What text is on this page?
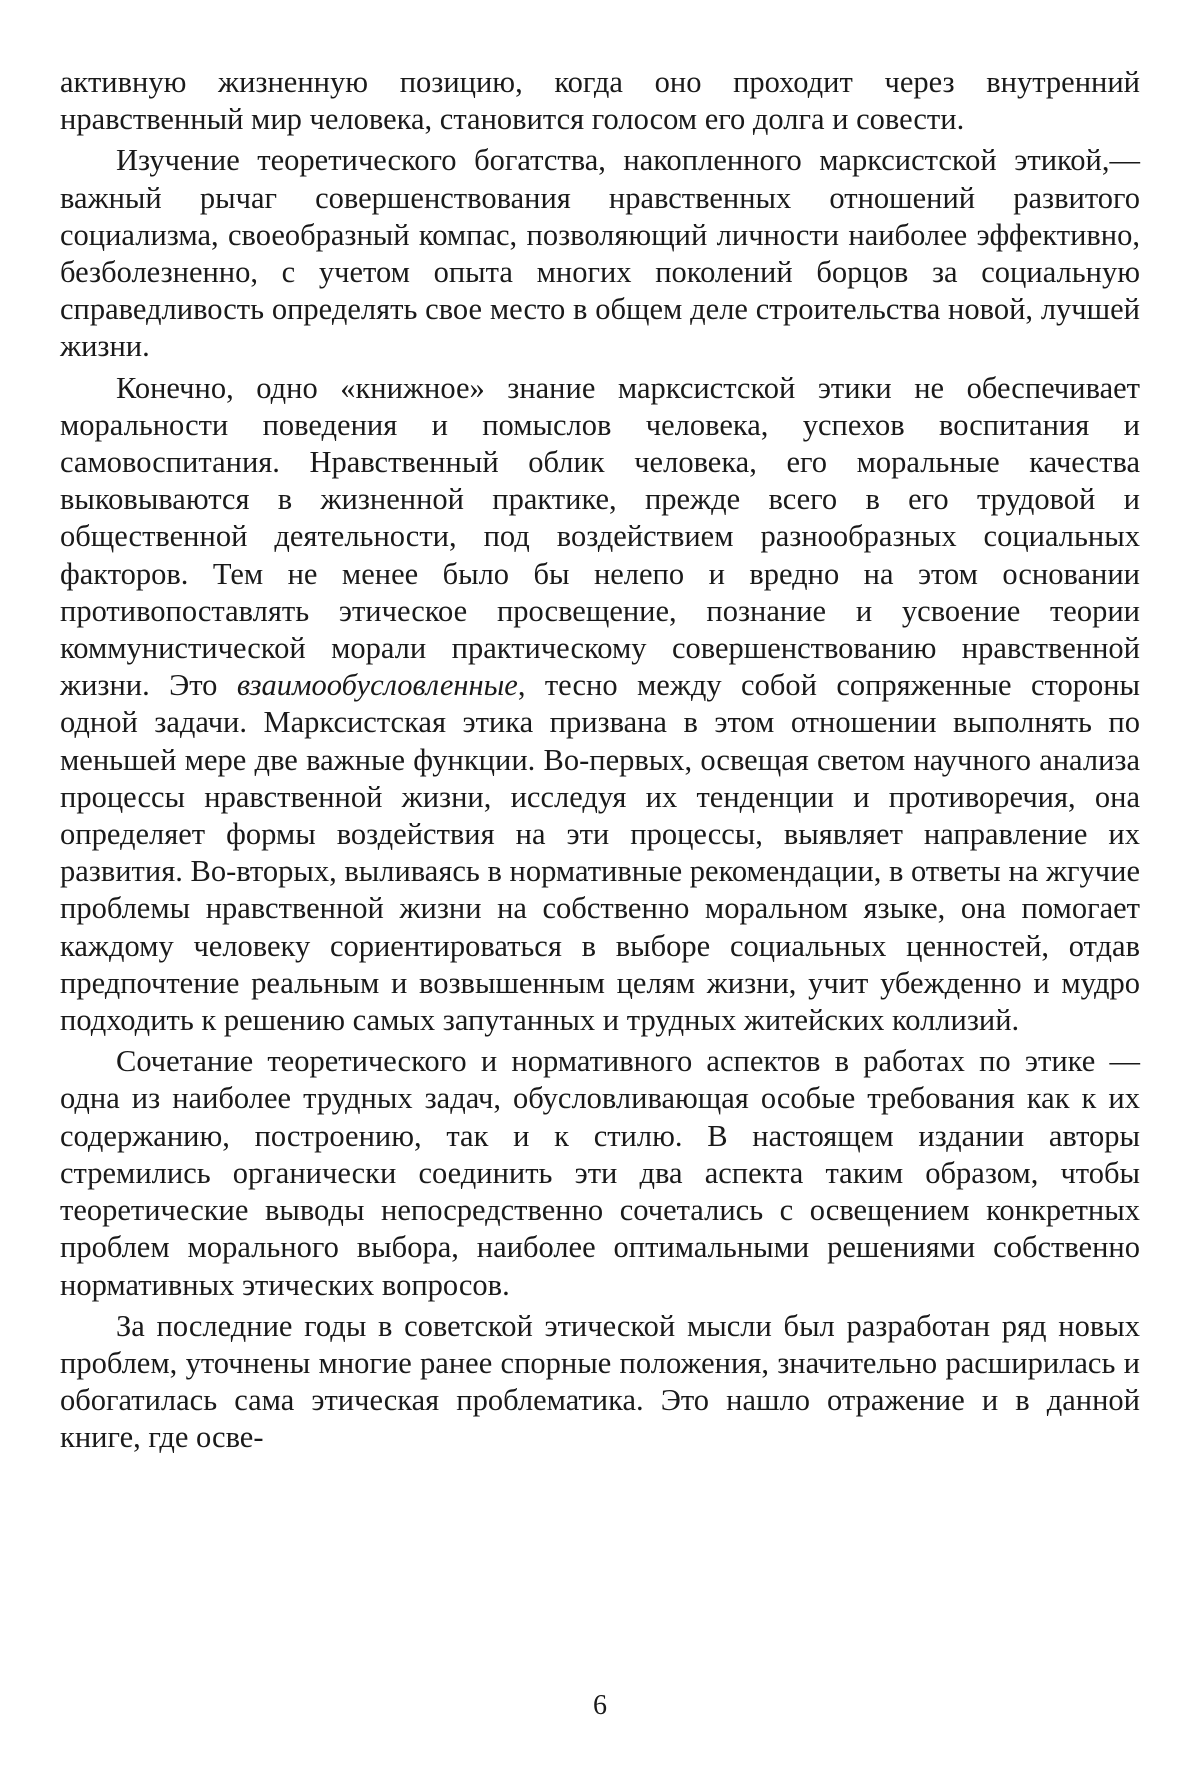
активную жизненную позицию, когда оно проходит через внутренний нравственный мир человека, становится голосом его долга и совести.

Изучение теоретического богатства, накопленного марксистской этикой,— важный рычаг совершенствования нравственных отношений развитого социализма, своеобразный компас, позволяющий личности наиболее эффективно, безболезненно, с учетом опыта многих поколений борцов за социальную справедливость определять свое место в общем деле строительства новой, лучшей жизни.

Конечно, одно «книжное» знание марксистской этики не обеспечивает моральности поведения и помыслов человека, успехов воспитания и самовоспитания. Нравственный облик человека, его моральные качества выковываются в жизненной практике, прежде всего в его трудовой и общественной деятельности, под воздействием разнообразных социальных факторов. Тем не менее было бы нелепо и вредно на этом основании противопоставлять этическое просвещение, познание и усвоение теории коммунистической морали практическому совершенствованию нравственной жизни. Это взаимообусловленные, тесно между собой сопряженные стороны одной задачи. Марксистская этика призвана в этом отношении выполнять по меньшей мере две важные функции. Во-первых, освещая светом научного анализа процессы нравственной жизни, исследуя их тенденции и противоречия, она определяет формы воздействия на эти процессы, выявляет направление их развития. Во-вторых, выливаясь в нормативные рекомендации, в ответы на жгучие проблемы нравственной жизни на собственно моральном языке, она помогает каждому человеку сориентироваться в выборе социальных ценностей, отдав предпочтение реальным и возвышенным целям жизни, учит убежденно и мудро подходить к решению самых запутанных и трудных житейских коллизий.

Сочетание теоретического и нормативного аспектов в работах по этике — одна из наиболее трудных задач, обусловливающая особые требования как к их содержанию, построению, так и к стилю. В настоящем издании авторы стремились органически соединить эти два аспекта таким образом, чтобы теоретические выводы непосредственно сочетались с освещением конкретных проблем морального выбора, наиболее оптимальными решениями собственно нормативных этических вопросов.

За последние годы в советской этической мысли был разработан ряд новых проблем, уточнены многие ранее спорные положения, значительно расширилась и обогатилась сама этическая проблематика. Это нашло отражение и в данной книге, где осве-

6
